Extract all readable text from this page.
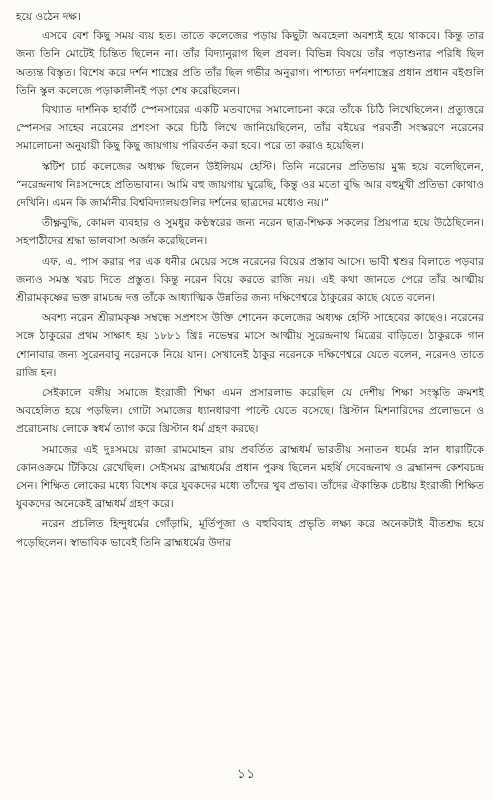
হয়ে ওঠেন দক্ষ।

এসবে বেশ কিছু সময় ব্যয় হত। তাতে কলেজের পড়ায় কিছুটা অবহেলা অবশ্যই হয়ে থাকবে। কিন্তু তার জন্য তিনি মোটেই চিন্তিত ছিলেন না। তাঁর বিদ্যানুরাগ ছিল প্রবল। বিভিন্ন বিষয়ে তাঁর পড়াশুনার পরিধি ছিল অত্যন্ত বিস্তৃত। বিশেষ করে দর্শন শাস্ত্রের প্রতি তাঁর ছিল গভীর অনুরাগ। পাশ্চাত্য দর্শনশাস্ত্রের প্রধান প্রধান বইগুলি তিনি স্কুল কলেজে পড়াকালীনই পড়া শেষ করেছিলেন।

বিখ্যাত দার্শনিক হার্বার্ট স্পেনসারের একটি মতবাদের সমালোচনা করে তাঁকে চিঠি লিখেছিলেন। প্রত্যুত্তরে স্পেনসর সাহেব নরেনের প্রশংসা করে চিঠি লিখে জানিয়েছিলেন, তাঁর বইয়ের পরবর্তী সংস্করণে নরেনের সমালোচনা অনুযায়ী কিছু কিছু জায়গায় পরিবর্তন করা হবে। পরে তা করাও হয়েছিল।

স্কটিশ চার্চ কলেজের অধ্যক্ষ ছিলেন উইলিয়ম হেস্টি। তিনি নরেনের প্রতিভায় মুগ্ধ হয়ে বলেছিলেন, “নরেন্দ্রনাথ নিঃসন্দেহে প্রতিভাবান। আমি বহু জায়গায় ঘুরেছি, কিন্তু ওর মতো বুদ্ধি আর বহুমুখী প্রতিভা কোথাও দেখিনি। এমন কি জার্মানীর বিশ্ববিদ্যালয়গুলির দর্শনের ছাত্রদের মধ্যেও নয়।”

তীক্ষ্ণবুদ্ধি, কোমল ব্যবহার ও সুমধুর কণ্ঠস্বরের জন্য নরেন ছাত্র-শিক্ষক সকলের প্রিয়পাত্র হয়ে উঠেছিলেন। সহপাঠীদের শ্রদ্ধা ভালবাসা অর্জন করেছিলেন।

এফ. এ. পাস করার পর এক ধনীর মেয়ের সঙ্গে নরেনের বিয়ের প্রস্তাব আসে। ভাবী শ্বশুর বিলাতে পড়বার জন্যও সমস্ত খরচ দিতে প্রস্তুত। কিন্তু নরেন বিয়ে করতে রাজি নয়। এই কথা জানতে পেরে তাঁর আত্মীয় শ্রীরামকৃষ্ণের ভক্ত রামচন্দ্র দত্ত তাঁকে আধ্যাত্মিক উন্নতির জন্য দক্ষিণেশ্বরে ঠাকুরের কাছে যেতে বলেন।

অবশ্য নরেন শ্রীরামকৃষ্ণ সম্বন্ধে সপ্রশংস উক্তি শোনেন কলেজের অধ্যক্ষ হেস্টি সাহেবের কাছেও। নরেনের সঙ্গে ঠাকুরের প্রথম সাক্ষাৎ হয় ১৮৮১ খ্রিঃ নভেম্বর মাসে আত্মীয় সুরেন্দ্রনাথ মিত্রের বাড়িতে। ঠাকুরকে গান শোনাবার জন্য সুরেনবাবু নরেনকে নিয়ে যান। সেখানেই ঠাকুর নরেনকে দক্ষিণেশ্বরে যেতে বলেন, নরেনও তাতে রাজি হন।

সেইকালে বঙ্গীয় সমাজে ইংরাজী শিক্ষা এমন প্রসারলাভ করেছিল যে দেশীয় শিক্ষা সংস্কৃতি ক্রমশই অবহেলিত হয়ে পড়ছিল। গোটা সমাজের ধ্যানধারণা পাল্টে যেতে বসেছে। খ্রিস্টান মিশনারিদের প্রলোভনে ও প্ররোচনায় লোকে স্বধর্ম ত্যাগ করে খ্রিস্টান ধর্ম গ্রহণ করছে।

সমাজের এই দুঃসময়ে রাজা রামমোহন রায় প্রবর্তিত ব্রাহ্মধর্ম ভারতীয় সনাতন ধর্মের স্নান ধারাটিকে কোনওক্রমে টিকিয়ে রেখেছিল। সেইসময় ব্রাহ্মধর্মের প্রধান পুরুষ ছিলেন মহর্ষি দেবেন্দ্রনাথ ও ব্রহ্মানন্দ কেশবচন্দ্র সেন। শিক্ষিত লোকের মধ্যে বিশেষ করে যুবকদের মধ্যে তাঁদের খুব প্রভাব। তাঁদের ঐকান্তিক চেষ্টায় ইংরাজী শিক্ষিত যুবকদের অনেকেই ব্রাহ্মধর্ম গ্রহণ করে।

নরেন প্রচলিত হিন্দুধর্মের গোঁড়ামি, মূর্তিপূজা ও বহুবিবাহ প্রভৃতি লক্ষ্য করে অনেকটাই বীতশ্রদ্ধ হয়ে পড়েছিলেন। স্বাভাবিক ভাবেই তিনি ব্রাহ্মধর্মের উদার

১১
